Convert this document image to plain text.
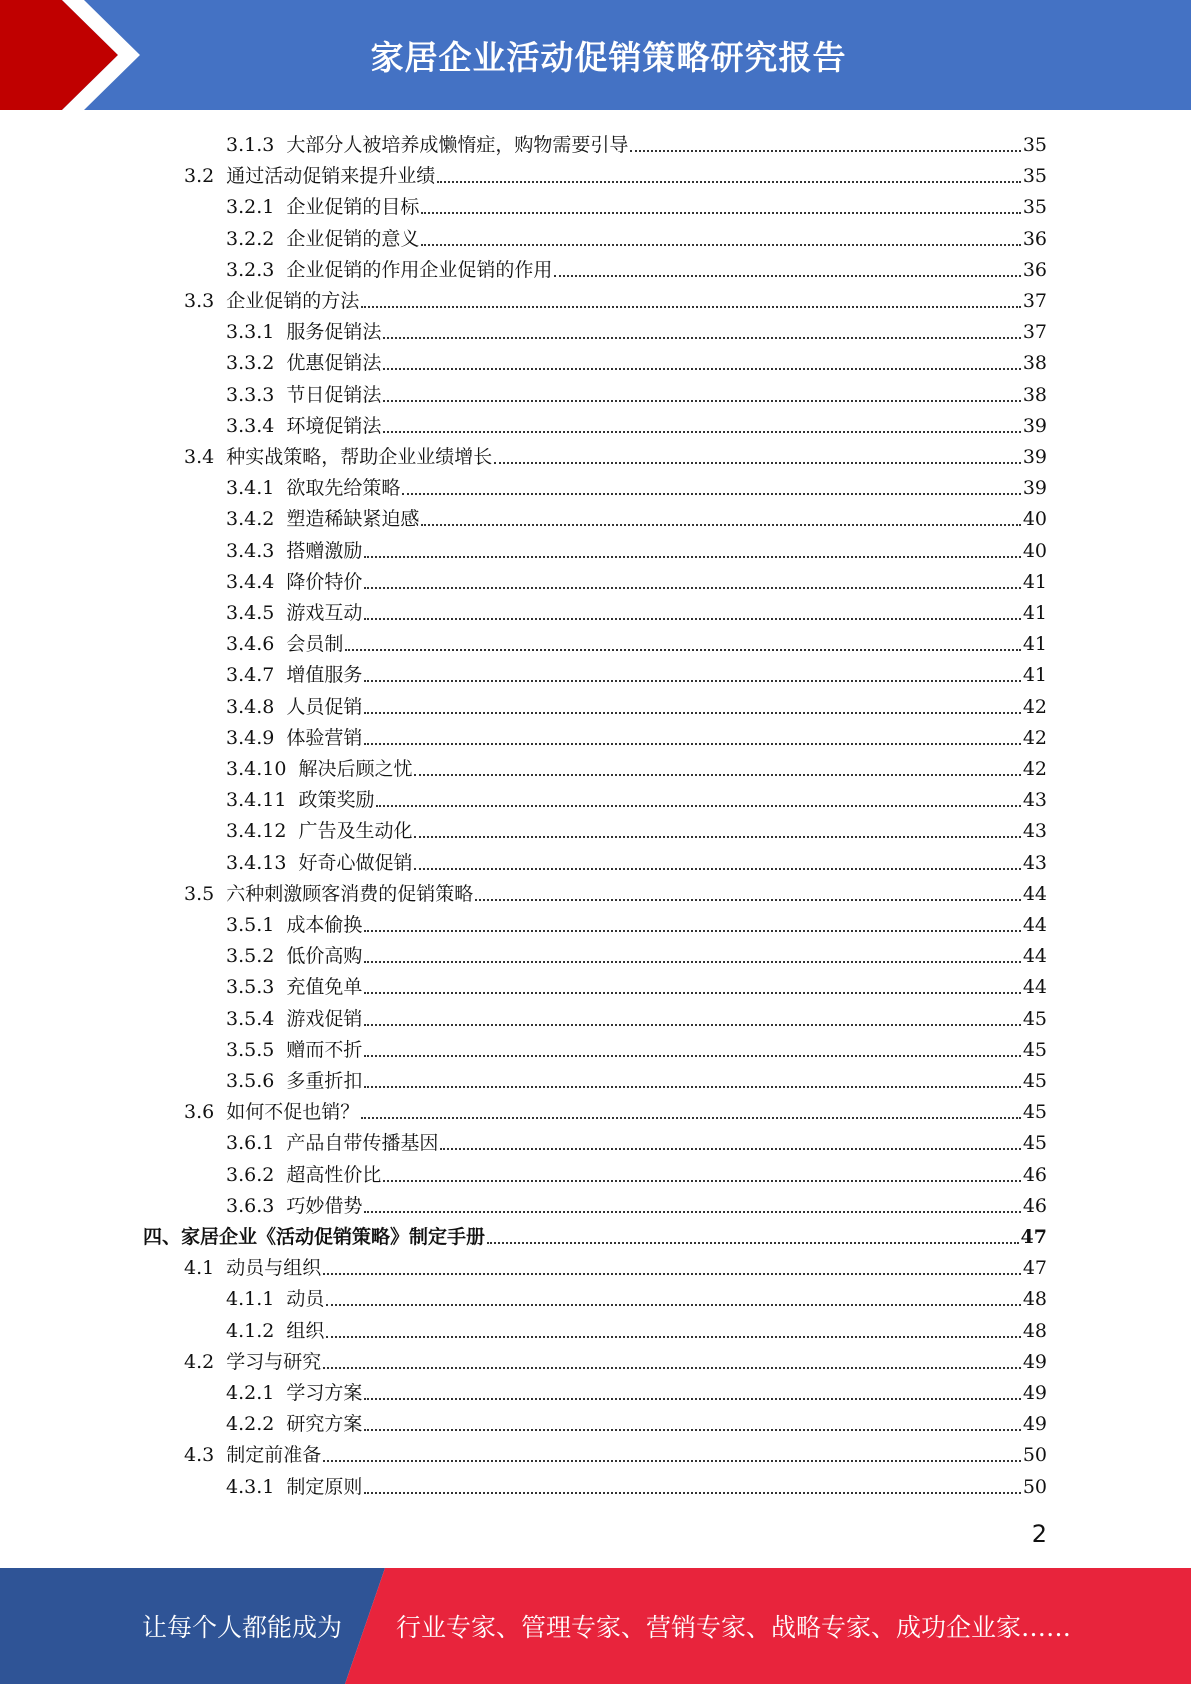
家居企业活动促销策略研究报告
3.1.3 大部分人被培养成懒惰症，购物需要引导	35
3.2 通过活动促销来提升业绩	35
3.2.1 企业促销的目标	35
3.2.2 企业促销的意义	36
3.2.3 企业促销的作用企业促销的作用	36
3.3 企业促销的方法	37
3.3.1 服务促销法	37
3.3.2 优惠促销法	38
3.3.3 节日促销法	38
3.3.4 环境促销法	39
3.4 种实战策略，帮助企业业绩增长	39
3.4.1 欲取先给策略	39
3.4.2 塑造稀缺紧迫感	40
3.4.3 搭赠激励	40
3.4.4 降价特价	41
3.4.5 游戏互动	41
3.4.6 会员制	41
3.4.7 增值服务	41
3.4.8 人员促销	42
3.4.9 体验营销	42
3.4.10 解决后顾之忧	42
3.4.11 政策奖励	43
3.4.12 广告及生动化	43
3.4.13 好奇心做促销	43
3.5 六种刺激顾客消费的促销策略	44
3.5.1 成本偷换	44
3.5.2 低价高购	44
3.5.3 充值免单	44
3.5.4 游戏促销	45
3.5.5 赠而不折	45
3.5.6 多重折扣	45
3.6 如何不促也销？	45
3.6.1 产品自带传播基因	45
3.6.2 超高性价比	46
3.6.3 巧妙借势	46
四、家居企业《活动促销策略》制定手册	47
4.1 动员与组织	47
4.1.1 动员	48
4.1.2 组织	48
4.2 学习与研究	49
4.2.1 学习方案	49
4.2.2 研究方案	49
4.3 制定前准备	50
4.3.1 制定原则	50
2
让每个人都能成为 行业专家、管理专家、营销专家、战略专家、成功企业家……
